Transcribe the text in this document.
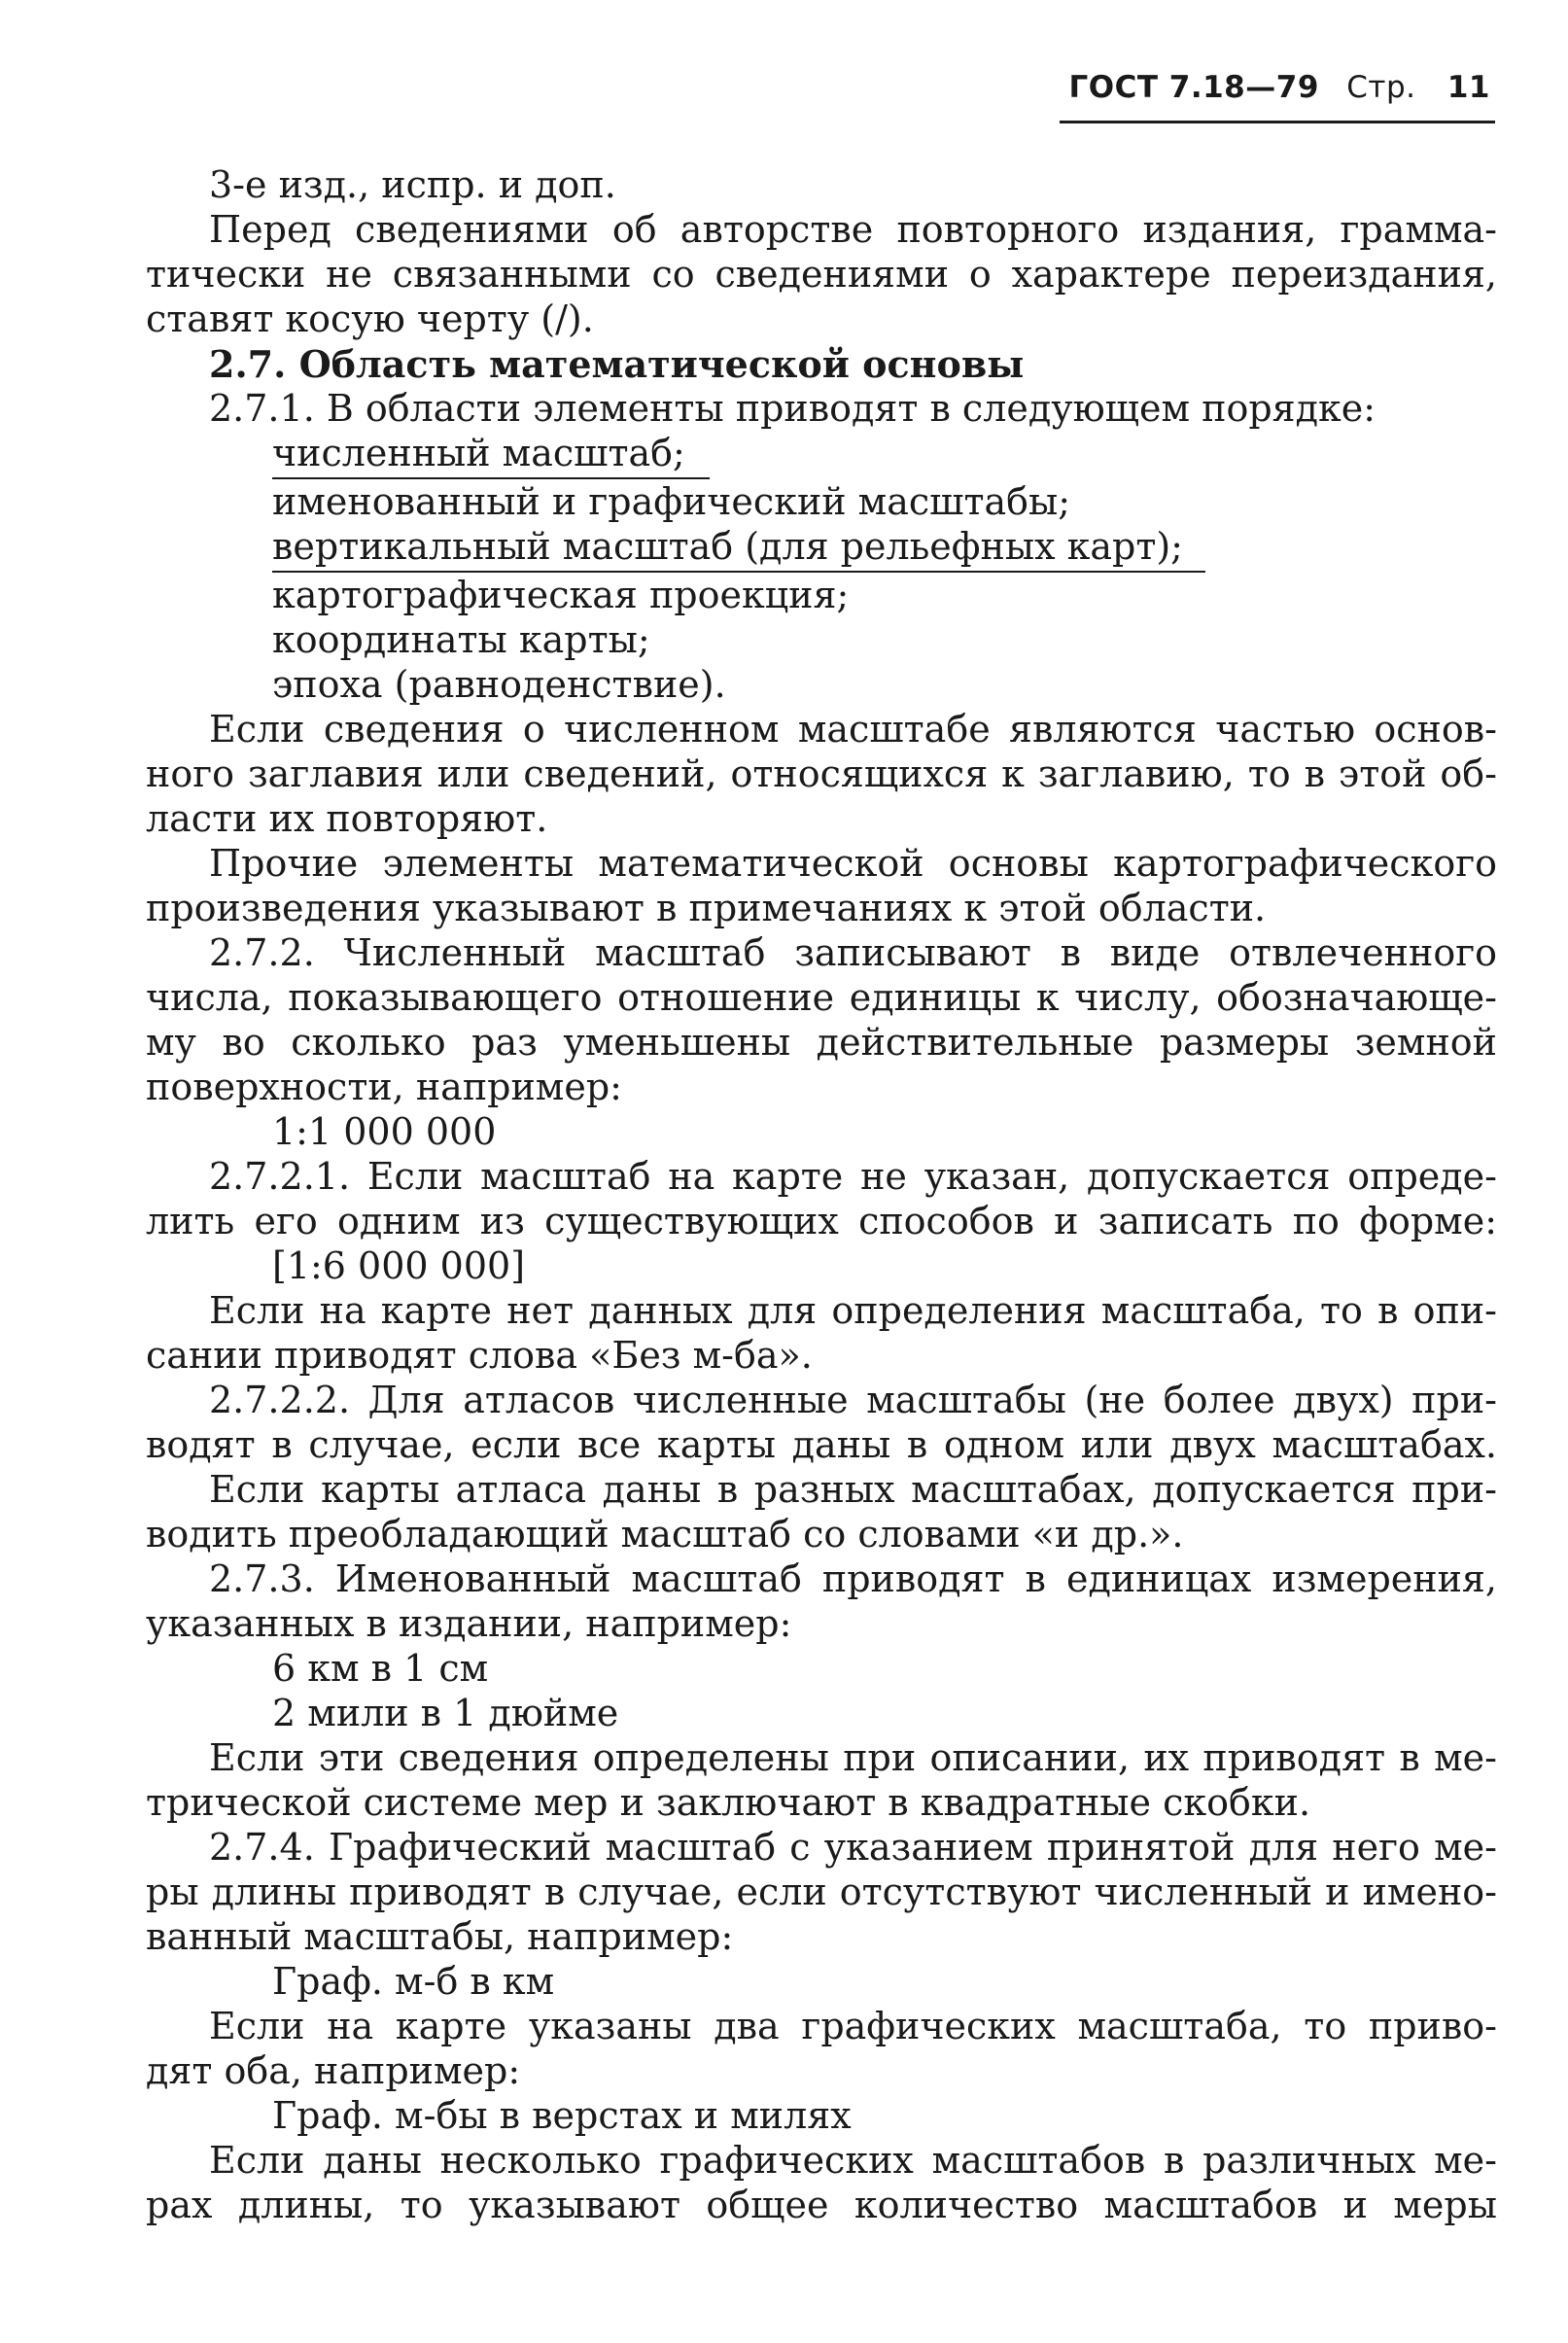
ГОСТ 7.18—79 Стр. 11
3-е изд., испр. и доп.
Перед сведениями об авторстве повторного издания, грамма-
тически не связанными со сведениями о характере переиздания,
ставят косую черту (/).
2.7. Область математической основы
2.7.1. В области элементы приводят в следующем порядке:
численный масштаб;
именованный и графический масштабы;
вертикальный масштаб (для рельефных карт);
картографическая проекция;
координаты карты;
эпоха (равноденствие).
Если сведения о численном масштабе являются частью основ-
ного заглавия или сведений, относящихся к заглавию, то в этой об-
ласти их повторяют.
Прочие элементы математической основы картографического
произведения указывают в примечаниях к этой области.
2.7.2. Численный масштаб записывают в виде отвлеченного
числа, показывающего отношение единицы к числу, обозначающе-
му во сколько раз уменьшены действительные размеры земной
поверхности, например:
1:1 000 000
2.7.2.1. Если масштаб на карте не указан, допускается опреде-
лить его одним из существующих способов и записать по форме:
[1:6 000 000]
Если на карте нет данных для определения масштаба, то в опи-
сании приводят слова «Без м-ба».
2.7.2.2. Для атласов численные масштабы (не более двух) при-
водят в случае, если все карты даны в одном или двух масштабах.
Если карты атласа даны в разных масштабах, допускается при-
водить преобладающий масштаб со словами «и др.».
2.7.3. Именованный масштаб приводят в единицах измерения,
указанных в издании, например:
6 км в 1 см
2 мили в 1 дюйме
Если эти сведения определены при описании, их приводят в ме-
трической системе мер и заключают в квадратные скобки.
2.7.4. Графический масштаб с указанием принятой для него ме-
ры длины приводят в случае, если отсутствуют численный и имено-
ванный масштабы, например:
Граф. м-б в км
Если на карте указаны два графических масштаба, то приво-
дят оба, например:
Граф. м-бы в верстах и милях
Если даны несколько графических масштабов в различных ме-
рах длины, то указывают общее количество масштабов и меры
